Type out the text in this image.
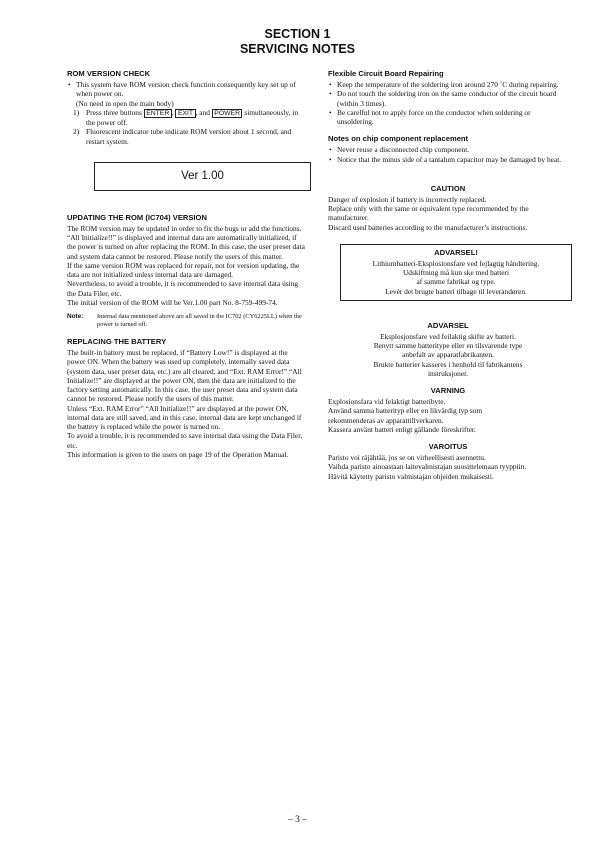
SECTION 1
SERVICING NOTES
ROM VERSION CHECK

• This system have ROM version check function consequently key set up of when power on.

(No need in open the main body)

1) Press three buttons ENTER , EXIT , and POWER simultaneously, in the power off.

2) Fluorescent indicator tube indicate ROM version about 1 second, and restart system.

Ver 1.00
UPDATING THE ROM (IC704) VERSION

The ROM version may be updated in order to fix the bugs or add the functions. “All Initialize!!” is displayed and internal data are automatically initialized, if the power is turned on after replacing the ROM. In this case, the user preset data and system data cannot be restored. Please notify the users of this matter.

If the same version ROM was replaced for repair, not for version updating, the data are not initialized unless internal data are damaged.

Nevertheless, to avoid a trouble, it is recommended to save internal data using the Data Filer, etc.

The initial version of the ROM will be Ver.1.00 part No. 8-759-499-74.

Note: Internal data mentioned above are all saved in the IC702 (CY6225LL) when the power is turned off.

REPLACING THE BATTERY

The built-in battery must be replaced, if “Battery Low!” is displayed at the power ON. When the battery was used up completely, internally saved data (system data, user preset data, etc.) are all cleared, and “Ext. RAM Error!” “All Initialize!!” are displayed at the power ON, then the data are initialized to the factory setting automatically. In this case, the user preset data and system data cannot be restored. Please notify the users of this matter.

Unless “Ext. RAM Error” “All Initialize!!” are displayed at the power ON, internal data are still saved, and in this case, internal data are kept unchanged if the battery is replaced while the power is turned on.

To avoid a trouble, it is recommended to save internal data using the Data Filer, etc.

This information is given to the users on page 19 of the Operation Manual.

Flexible Circuit Board Repairing

• Keep the temperature of the soldering iron around 270 ˚C during repairing.

• Do not touch the soldering iron on the same conductor of the circuit board (within 3 times).

• Be carelful not to apply force on the conductor when soldering or unsoldering.

Notes on chip component replacement

• Never reuse a disconnected chip component.

• Notice that the minus side of a tantalum capacitor may be damaged by heat.

CAUTION

Danger of explosion if battery is incorrectly replaced.

Replace only with the same or equivalent type recommended by the manufacturer.

Discard used batteries according to the manufacturer’s instructions.

ADVARSEL!

Lithiumbatteri-Eksplosionsfare ved fejlagtig håndtering.

Udskiftning må kun ske med batteri

af samme fabrikat og type.

Levér det brugte batteri tilbage til leverandøren.

ADVARSEL

Eksplosjonsfare ved feilaktig skifte av batteri.

Benytt samme batteritype eller en tilsvarende type

anbefalt av apparatfabrikanten.

Brukte batterier kasseres i henhold til fabrikantens

instruksjoner.

VARNING

Explosionsfara vid felaktigt batteribyte.

Använd samma batterityp eller en likvärdig typ som

rekommenderas av apparattillverkaren.

Kassera använt batteri enligt gällande föreskrifter.

VAROITUS

Paristo voi räjähtää, jos se on virheellisesti asennettu.

Vaihda paristo ainoastaan laitevalmistajan suosittelemaan tyyppiin.

Hävitä käytetty paristo valmistajan ohjeiden mukaisesti.

– 3 –
